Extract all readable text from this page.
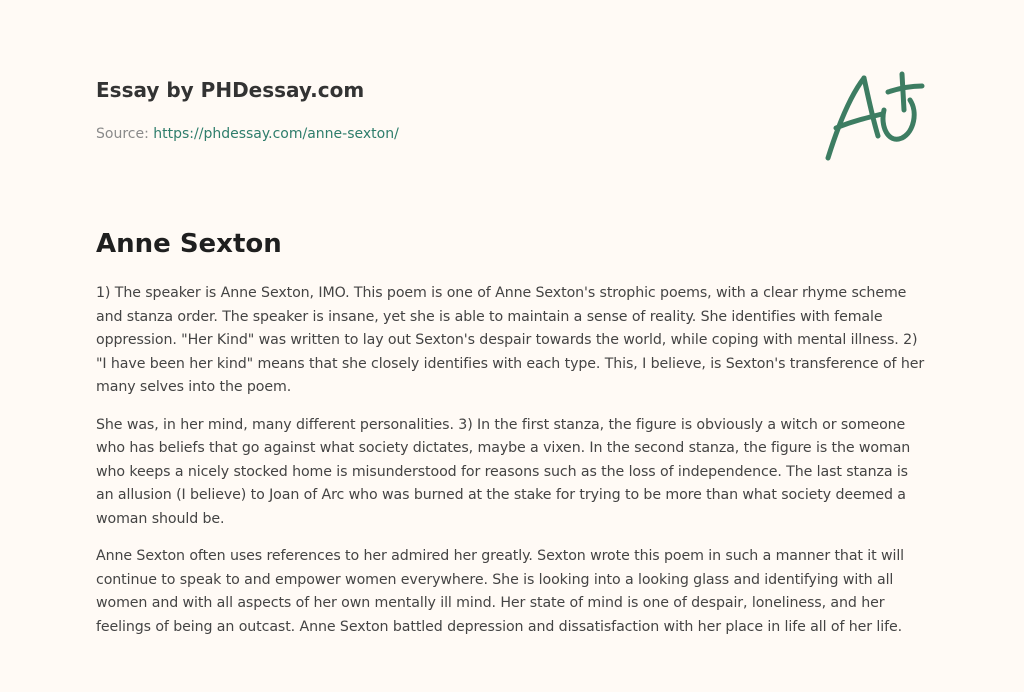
Essay by PHDessay.com
Source: https://phdessay.com/anne-sexton/
Anne Sexton

1) The speaker is Anne Sexton, IMO. This poem is one of Anne Sexton's strophic poems, with a clear rhyme scheme and stanza order. The speaker is insane, yet she is able to maintain a sense of reality. She identifies with female oppression. "Her Kind" was written to lay out Sexton's despair towards the world, while coping with mental illness. 2) "I have been her kind" means that she closely identifies with each type. This, I believe, is Sexton's transference of her many selves into the poem.

She was, in her mind, many different personalities. 3) In the first stanza, the figure is obviously a witch or someone who has beliefs that go against what society dictates, maybe a vixen. In the second stanza, the figure is the woman who keeps a nicely stocked home is misunderstood for reasons such as the loss of independence. The last stanza is an allusion (I believe) to Joan of Arc who was burned at the stake for trying to be more than what society deemed a woman should be.

Anne Sexton often uses references to her admired her greatly. Sexton wrote this poem in such a manner that it will continue to speak to and empower women everywhere. She is looking into a looking glass and identifying with all women and with all aspects of her own mentally ill mind. Her state of mind is one of despair, loneliness, and her feelings of being an outcast. Anne Sexton battled depression and dissatisfaction with her place in life all of her life.
